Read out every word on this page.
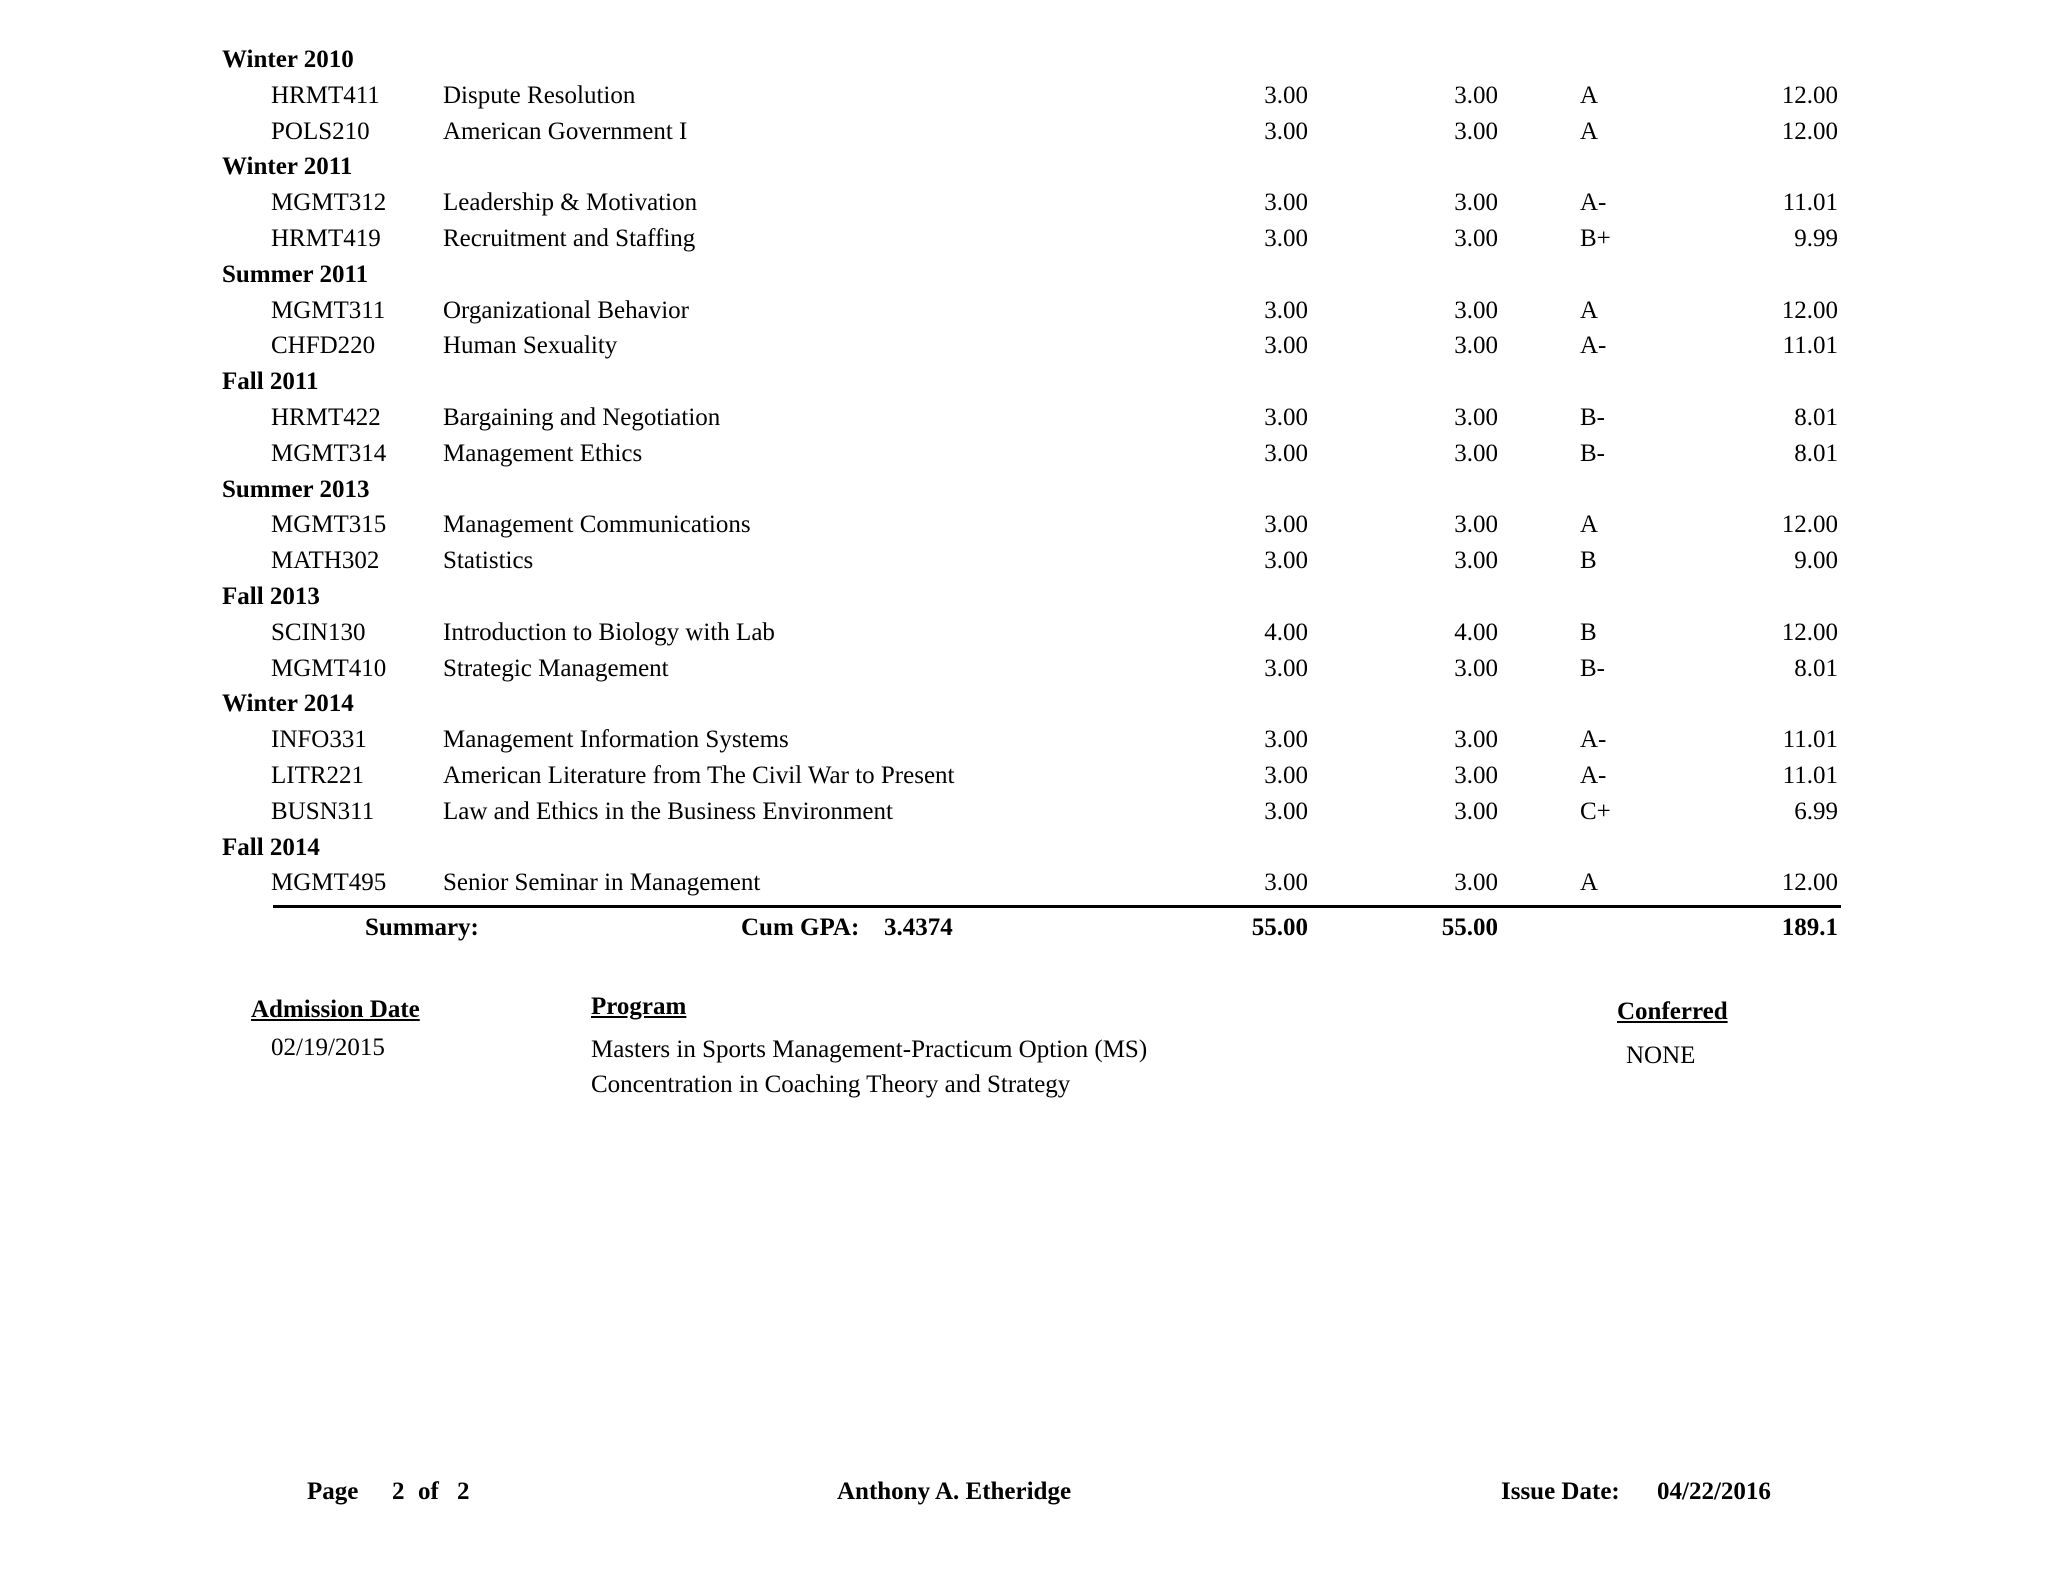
Winter 2010
HRMT411	Dispute Resolution	3.00	3.00	A	12.00
POLS210	American Government I	3.00	3.00	A	12.00
Winter 2011
MGMT312 Leadership & Motivation	3.00	3.00	A-	11.01
HRMT419 Recruitment and Staffing	3.00	3.00	B+	9.99
Summer 2011
MGMT311 Organizational Behavior	3.00	3.00	A	12.00
CHFD220	Human Sexuality	3.00	3.00	A-	11.01
Fall 2011
HRMT422 Bargaining and Negotiation	3.00	3.00	B-	8.01
MGMT314 Management Ethics	3.00	3.00	B-	8.01
Summer 2013
MGMT315 Management Communications	3.00	3.00	A	12.00
MATH302	Statistics	3.00	3.00	B	9.00
Fall 2013
SCIN130	Introduction to Biology with Lab	4.00	4.00	B	12.00
MGMT410 Strategic Management	3.00	3.00	B-	8.01
Winter 2014
INFO331	Management Information Systems	3.00	3.00	A-	11.01
LITR221	American Literature from The Civil War to Present	3.00	3.00	A-	11.01
BUSN311	Law and Ethics in the Business Environment	3.00	3.00	C+	6.99
Fall 2014
MGMT495 Senior Seminar in Management	3.00	3.00	A	12.00
Summary:	Cum GPA: 3.4374	55.00	55.00	189.1
Admission Date
02/19/2015
Program
Masters in Sports Management-Practicum Option (MS)
Concentration in Coaching Theory and Strategy
Conferred
NONE
Page 2 of 2	Anthony A. Etheridge	Issue Date: 04/22/2016
